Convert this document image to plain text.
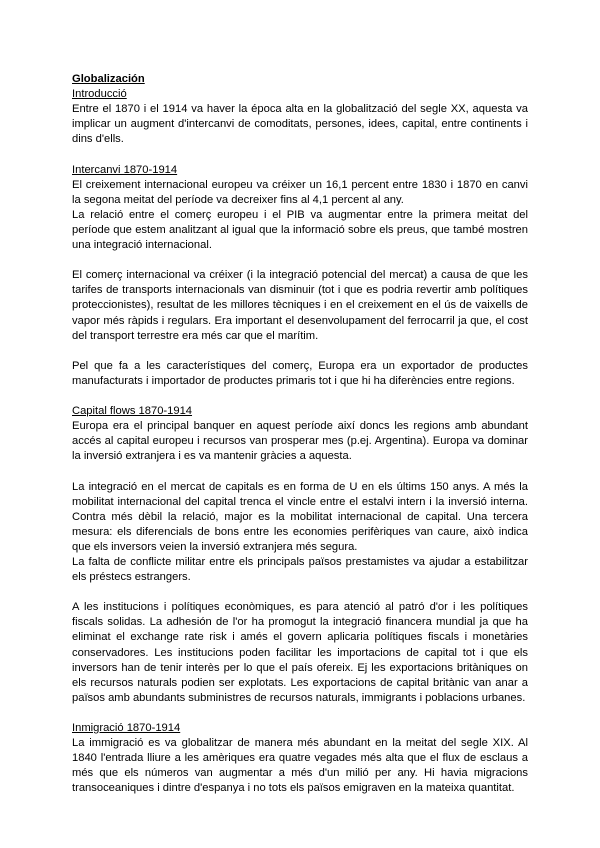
Globalización

Introducció

Entre el 1870 i el 1914 va haver la época alta en la globalització del segle XX, aquesta va implicar un augment d'intercanvi de comoditats, persones, idees, capital, entre continents i dins d'ells.

Intercanvi 1870-1914

El creixement internacional europeu va créixer un 16,1 percent entre 1830 i 1870 en canvi la segona meitat del període va decreixer fins al 4,1 percent al any.

La relació entre el comerç europeu i el PIB va augmentar entre la primera meitat del període que estem analitzant al igual que la informació sobre els preus, que també mostren una integració internacional.

El comerç internacional va créixer (i la integració potencial del mercat) a causa de que les tarifes de transports internacionals van disminuir (tot i que es podria revertir amb polítiques proteccionistes), resultat de les millores tècniques i en el creixement en el ús de vaixells de vapor més ràpids i regulars. Era important el desenvolupament del ferrocarril ja que, el cost del transport terrestre era més car que el marítim.

Pel que fa a les característiques del comerç, Europa era un exportador de productes manufacturats i importador de productes primaris tot i que hi ha diferències entre regions.

Capital flows 1870-1914

Europa era el principal banquer en aquest període així doncs les regions amb abundant accés al capital europeu i recursos van prosperar mes (p.ej. Argentina). Europa va dominar la inversió extranjera i es va mantenir gràcies a aquesta.

La integració en el mercat de capitals es en forma de U en els últims 150 anys. A més la mobilitat internacional del capital trenca el vincle entre el estalvi intern i la inversió interna. Contra més dèbil la relació, major es la mobilitat internacional de capital. Una tercera mesura: els diferencials de bons entre les economies perifèriques van caure, això indica que els inversors veien la inversió extranjera més segura.

La falta de conflicte militar entre els principals països prestamistes va ajudar a estabilitzar els préstecs estrangers.

A les institucions i polítiques econòmiques, es para atenció al patró d'or i les polítiques fiscals solidas. La adhesión de l'or ha promogut la integració financera mundial ja que ha eliminat el exchange rate risk i amés el govern aplicaria polítiques fiscals i monetàries conservadores. Les institucions poden facilitar les importacions de capital tot i que els inversors han de tenir interès per lo que el país ofereix. Ej les exportacions britàniques on els recursos naturals podien ser explotats. Les exportacions de capital britànic van anar a països amb abundants subministres de recursos naturals, immigrants i poblacions urbanes.

Inmigració 1870-1914

La immigració es va globalitzar de manera més abundant en la meitat del segle XIX. Al 1840 l'entrada lliure a les amèriques era quatre vegades més alta que el flux de esclaus a més que els números van augmentar a més d'un milió per any. Hi havia migracions transoceaniques i dintre d'espanya i no tots els països emigraven en la mateixa quantitat.
